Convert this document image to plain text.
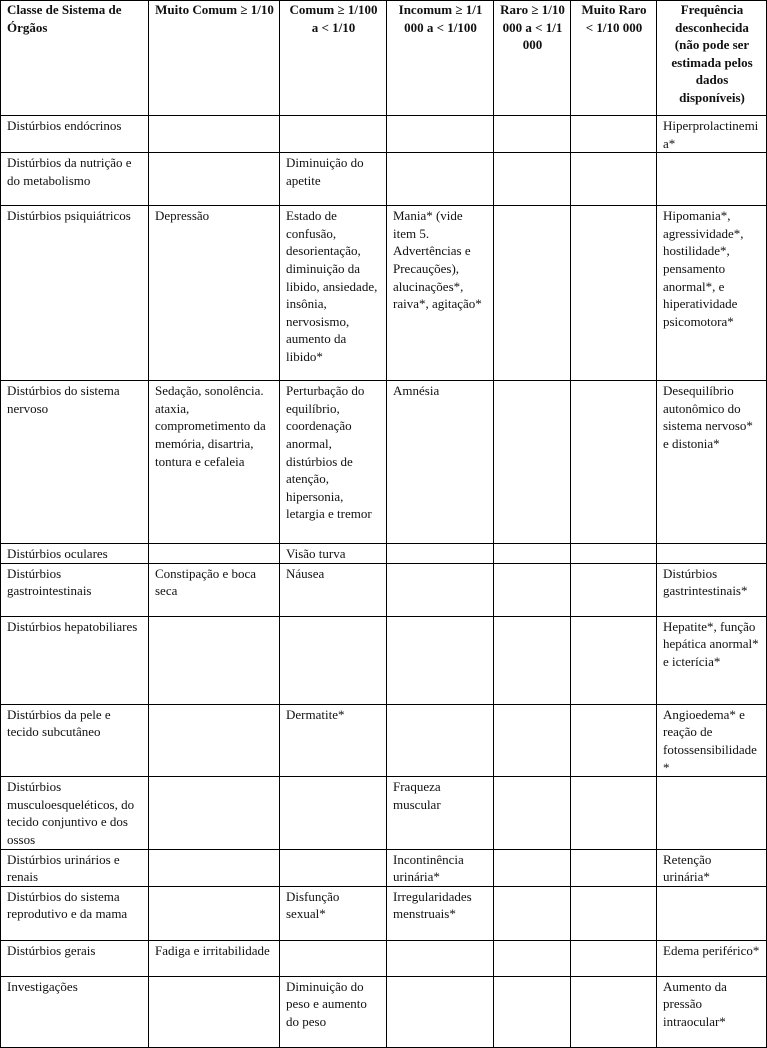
Classe de Sistema de Órgãos	Muito Comum ≥ 1/10	Comum ≥ 1/100 a < 1/10	Incomum ≥ 1/1 000 a < 1/100	Raro ≥ 1/10 000 a < 1/1 000	Muito Raro < 1/10 000	Frequência desconhecida (não pode ser estimada pelos dados disponíveis)
Distúrbios endócrinos						Hiperprolactinemia*
Distúrbios da nutrição e do metabolismo		Diminuição do apetite				
Distúrbios psiquiátricos	Depressão	Estado de confusão, desorientação, diminuição da libido, ansiedade, insônia, nervosismo, aumento da libido*	Mania* (vide item 5. Advertências e Precauções), alucinações*, raiva*, agitação*			Hipomania*, agressividade*, hostilidade*, pensamento anormal*, e hiperatividade psicomotora*
Distúrbios do sistema nervoso	Sedação, sonolência. ataxia, comprometimento da memória, disartria, tontura e cefaleia	Perturbação do equilíbrio, coordenação anormal, distúrbios de atenção, hipersonia, letargia e tremor	Amnésia			Desequilíbrio autonômico do sistema nervoso* e distonia*
Distúrbios oculares		Visão turva				
Distúrbios gastrointestinais	Constipação e boca seca	Náusea				Distúrbios gastrintestinais*
Distúrbios hepatobiliares						Hepatite*, função hepática anormal* e icterícia*
Distúrbios da pele e tecido subcutâneo		Dermatite*				Angioedema* e reação de fotossensibilidade*
Distúrbios musculoesqueléticos, do tecido conjuntivo e dos ossos			Fraqueza muscular			
Distúrbios urinários e renais			Incontinência urinária*			Retenção urinária*
Distúrbios do sistema reprodutivo e da mama		Disfunção sexual*	Irregularidades menstruais*			
Distúrbios gerais	Fadiga e irritabilidade					Edema periférico*
Investigações		Diminuição do peso e aumento do peso				Aumento da pressão intraocular*
